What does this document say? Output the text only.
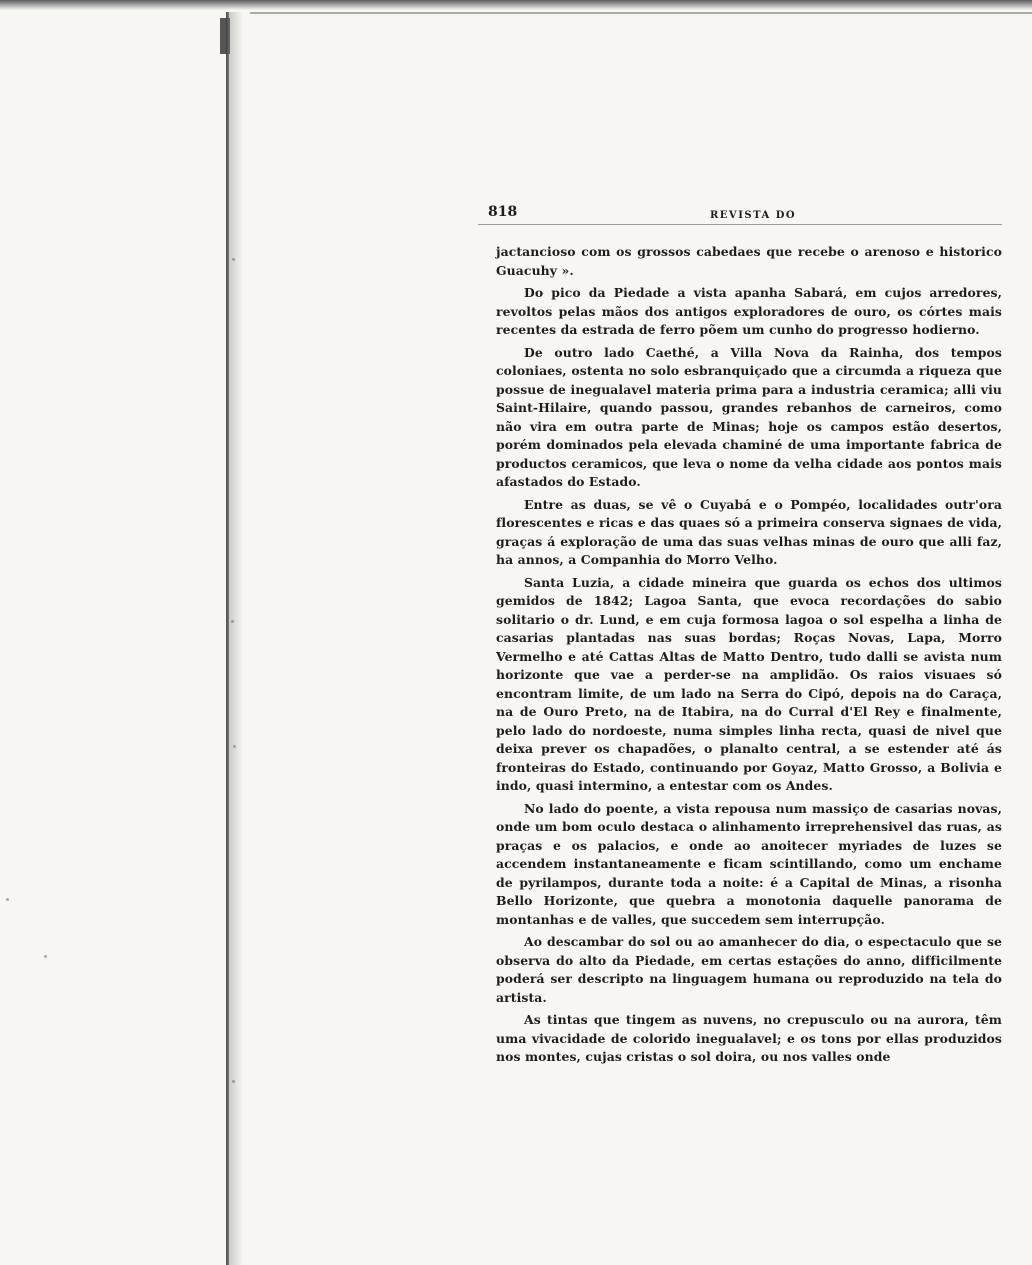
818	REVISTA DO

jactancioso com os grossos cabedaes que recebe o arenoso e historico Guacuhy ».

Do pico da Piedade a vista apanha Sabará, em cujos arredores, revoltos pelas mãos dos antigos exploradores de ouro, os córtes mais recentes da estrada de ferro põem um cunho do progresso hodierno.

De outro lado Caethé, a Villa Nova da Rainha, dos tempos coloniaes, ostenta no solo esbranquiçado que a circumda a riqueza que possue de inegualavel materia prima para a industria ceramica; alli viu Saint-Hilaire, quando passou, grandes rebanhos de carneiros, como não vira em outra parte de Minas; hoje os campos estão desertos, porém dominados pela elevada chaminé de uma importante fabrica de productos ceramicos, que leva o nome da velha cidade aos pontos mais afastados do Estado.

Entre as duas, se vê o Cuyabá e o Pompéo, localidades outr'ora florescentes e ricas e das quaes só a primeira conserva signaes de vida, graças á exploração de uma das suas velhas minas de ouro que alli faz, ha annos, a Companhia do Morro Velho.

Santa Luzia, a cidade mineira que guarda os echos dos ultimos gemidos de 1842; Lagoa Santa, que evoca recordações do sabio solitario o dr. Lund, e em cuja formosa lagoa o sol espelha a linha de casarias plantadas nas suas bordas; Roças Novas, Lapa, Morro Vermelho e até Cattas Altas de Matto Dentro, tudo dalli se avista num horizonte que vae a perder-se na amplidão. Os raios visuaes só encontram limite, de um lado na Serra do Cipó, depois na do Caraça, na de Ouro Preto, na de Itabira, na do Curral d'El Rey e finalmente, pelo lado do nordoeste, numa simples linha recta, quasi de nivel que deixa prever os chapadões, o planalto central, a se estender até ás fronteiras do Estado, continuando por Goyaz, Matto Grosso, a Bolivia e indo, quasi intermino, a entestar com os Andes.

No lado do poente, a vista repousa num massiço de casarias novas, onde um bom oculo destaca o alinhamento irreprehensivel das ruas, as praças e os palacios, e onde ao anoitecer myriades de luzes se accendem instantaneamente e ficam scintillando, como um enchame de pyrilampos, durante toda a noite: é a Capital de Minas, a risonha Bello Horizonte, que quebra a monotonia daquelle panorama de montanhas e de valles, que succedem sem interrupção.

Ao descambar do sol ou ao amanhecer do dia, o espectaculo que se observa do alto da Piedade, em certas estações do anno, difficilmente poderá ser descripto na linguagem humana ou reproduzido na tela do artista.

As tintas que tingem as nuvens, no crepusculo ou na aurora, têm uma vivacidade de colorido inegualavel; e os tons por ellas produzidos nos montes, cujas cristas o sol doira, ou nos valles onde
